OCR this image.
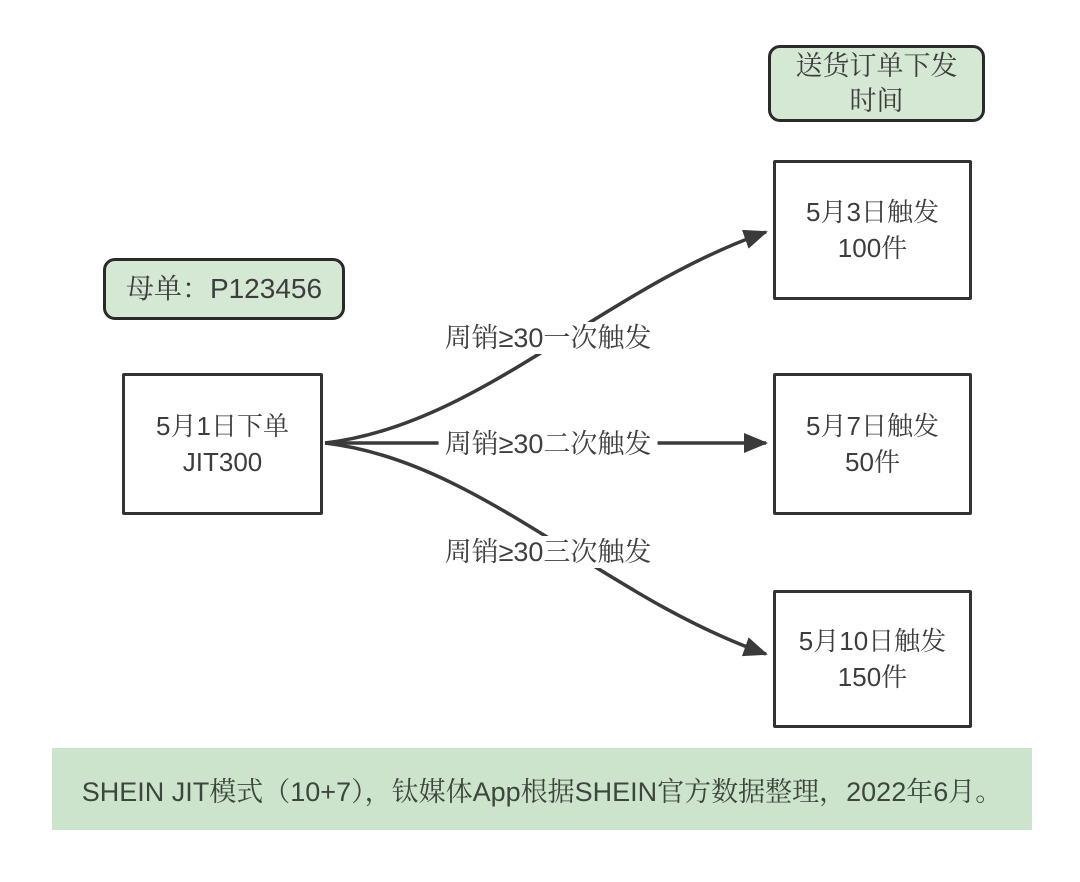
送货订单下发
时间
母单：P123456
5月1日下单
JIT300
周销≥30一次触发
周销≥30二次触发
周销≥30三次触发
5月3日触发
100件
5月7日触发
50件
5月10日触发
150件
SHEIN JIT模式（10+7），钛媒体App根据SHEIN官方数据整理，2022年6月。
